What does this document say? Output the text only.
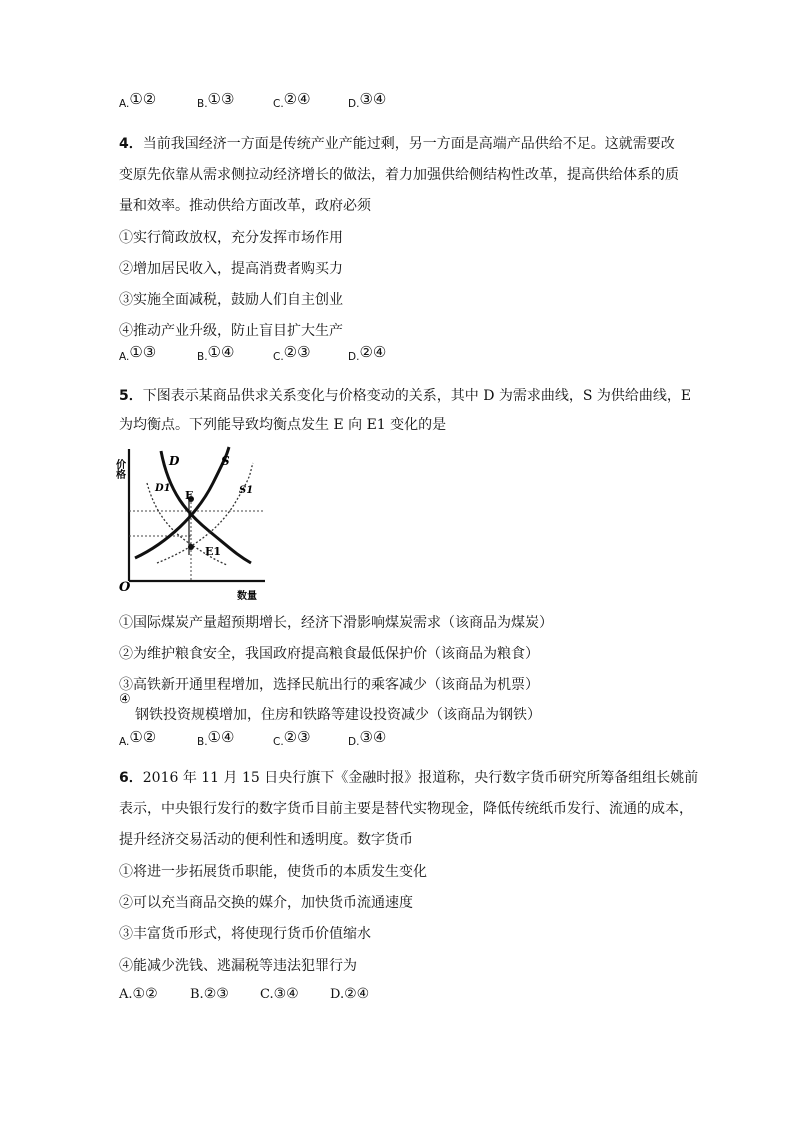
A.①②	B.①③	C.②④	D.③④
4．当前我国经济一方面是传统产业产能过剩，另一方面是高端产品供给不足。这就需要改
变原先依靠从需求侧拉动经济增长的做法，着力加强供给侧结构性改革，提高供给体系的质
量和效率。推动供给方面改革，政府必须
①实行简政放权，充分发挥市场作用
②增加居民收入，提高消费者购买力
③实施全面减税，鼓励人们自主创业
④推动产业升级，防止盲目扩大生产
A.①③	B.①④	C.②③	D.②④
5．下图表示某商品供求关系变化与价格变动的关系，其中 D 为需求曲线，S 为供给曲线，E
为均衡点。下列能导致均衡点发生 E 向 E1 变化的是
价格
数量
O
D	S
D1	S1
E
E1
①国际煤炭产量超预期增长，经济下滑影响煤炭需求（该商品为煤炭）
②为维护粮食安全，我国政府提高粮食最低保护价（该商品为粮食）
③高铁新开通里程增加，选择民航出行的乘客减少（该商品为机票）
④
钢铁投资规模增加，住房和铁路等建设投资减少（该商品为钢铁）
A.①②	B.①④	C.②③	D.③④
6．2016 年 11 月 15 日央行旗下《金融时报》报道称，央行数字货币研究所筹备组组长姚前
表示，中央银行发行的数字货币目前主要是替代实物现金，降低传统纸币发行、流通的成本，
提升经济交易活动的便利性和透明度。数字货币
①将进一步拓展货币职能，使货币的本质发生变化
②可以充当商品交换的媒介，加快货币流通速度
③丰富货币形式，将使现行货币价值缩水
④能减少洗钱、逃漏税等违法犯罪行为
A.①② B.②③ C.③④ D.②④
